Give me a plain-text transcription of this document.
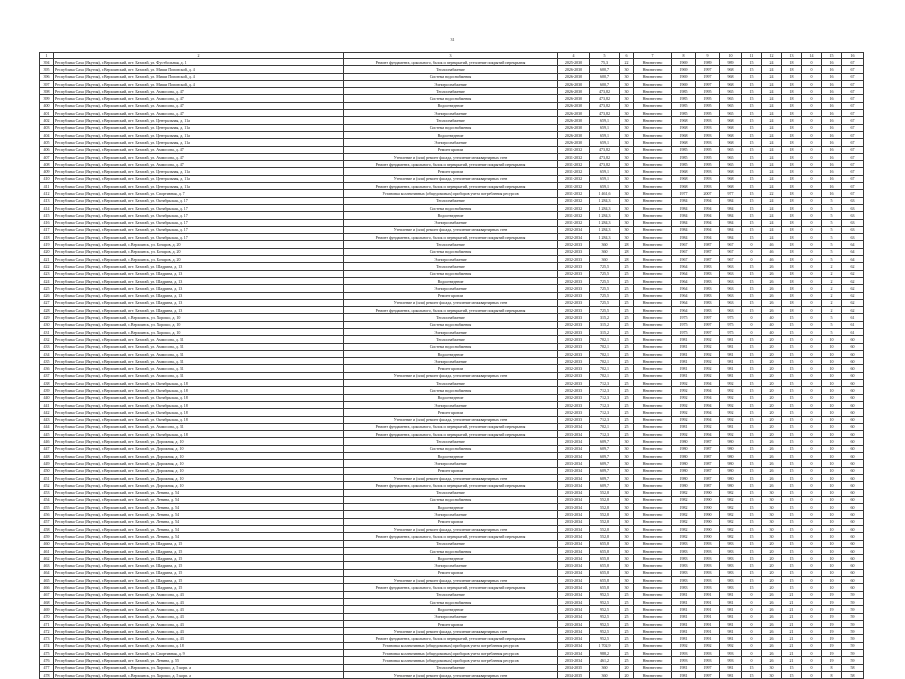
31
1	2	3	4	5	6	7	8	9	10	11	12	13	14	15	16
394	Республика Саха (Якутия), г.Верхоянский, пгт. Батагай, ул. Фустбольная, д. 1	Ремонт фундамента, цокольного, балок и перекрытий, утепление покрытий перекрытия	2025-2030	75,3	22	Неизвестно	1969	1989	989	15	24	18	0	16	67
395	Республика Саха (Якутия), г.Верхоянский, пгт. Батагай, ул. Миши Поповской, д. 4	Теплоснабжение	2026-2030	600,7	30	Неизвестно	1969	1997	968	15	24	18	0	16	67
396	Республика Саха (Якутия), г.Верхоянский, пгт. Батагай, ул. Миши Поповской, д. 4	Система водоснабжения	2026-2030	600,7	30	Неизвестно	1969	1997	968	15	24	18	0	16	67
397	Республика Саха (Якутия), г.Верхоянский, пгт. Батагай, ул. Миши Поповской, д. 4	Электроснабжение	2026-2030	600,7	30	Неизвестно	1969	1997	968	15	24	18	0	16	67
398	Республика Саха (Якутия), г.Верхоянский, пгт. Батагай, ул. Аммосова, д. 47	Теплоснабжение	2026-2030	473,82	30	Неизвестно	1985	1995	965	15	24	18	0	16	67
399	Республика Саха (Якутия), г.Верхоянский, пгт. Батагай, ул. Аммосова, д. 47	Система водоснабжения	2026-2030	473,82	30	Неизвестно	1985	1995	965	15	24	18	0	16	67
400	Республика Саха (Якутия), г.Верхоянский, пгт. Батагай, ул. Аммосова, д. 47	Водоотведение	2026-2030	473,82	30	Неизвестно	1985	1995	965	15	24	18	0	16	67
401	Республика Саха (Якутия), г.Верхоянский, пгт. Батагай, ул. Аммосова, д. 47	Электроснабжение	2026-2030	473,82	30	Неизвестно	1985	1995	965	15	24	18	0	16	67
402	Республика Саха (Якутия), г.Верхоянский, пгт. Батагай, ул. Центральная, д. 11а	Теплоснабжение	2026-2030	659,1	30	Неизвестно	1968	1993	968	15	24	18	0	16	67
403	Республика Саха (Якутия), г.Верхоянский, пгт. Батагай, ул. Центральная, д. 11а	Система водоснабжения	2026-2030	659,1	30	Неизвестно	1968	1993	968	15	24	18	0	16	67
404	Республика Саха (Якутия), г.Верхоянский, пгт. Батагай, ул. Центральная, д. 11а	Водоотведение	2026-2030	659,1	30	Неизвестно	1968	1993	968	15	24	18	0	16	67
405	Республика Саха (Якутия), г.Верхоянский, пгт. Батагай, ул. Центральная, д. 11а	Электроснабжение	2026-2030	659,1	30	Неизвестно	1968	1993	968	15	24	18	0	16	67
406	Республика Саха (Якутия), г.Верхоянский, пгт. Батагай, ул. Аммосова, д. 47	Ремонт кровли	2031-2032	473,82	30	Неизвестно	1985	1995	965	15	24	18	0	16	67
407	Республика Саха (Якутия), г.Верхоянский, пгт. Батагай, ул. Аммосова, д. 47	Утепление и (или) ремонт фасада, утепление межквартирных стен	2031-2032	473,82	30	Неизвестно	1985	1995	965	15	24	18	0	16	67
408	Республика Саха (Якутия), г.Верхоянский, пгт. Батагай, ул. Аммосова, д. 47	Ремонт фундамента, цокольного, балок и перекрытий, утепление покрытий перекрытия	2031-2032	473,82	30	Неизвестно	1985	1995	965	15	24	18	0	16	67
409	Республика Саха (Якутия), г.Верхоянский, пгт. Батагай, ул. Центральная, д. 11а	Ремонт кровли	2031-2032	659,1	30	Неизвестно	1968	1993	968	15	24	18	0	16	67
410	Республика Саха (Якутия), г.Верхоянский, пгт. Батагай, ул. Центральная, д. 11а	Утепление и (или) ремонт фасада, утепление межквартирных стен	2031-2032	659,1	30	Неизвестно	1968	1993	968	15	24	18	0	16	67
411	Республика Саха (Якутия), г.Верхоянский, пгт. Батагай, ул. Центральная, д. 11а	Ремонт фундамента, цокольного, балок и перекрытий, утепление покрытий перекрытия	2031-2032	659,1	30	Неизвестно	1968	1993	968	15	24	18	0	16	67
412	Республика Саха (Якутия), г.Верхоянский, пгт. Батагай, ул. Спортивная, д. 7	Установка коллективных (общедомовых) приборов учета потребления ресурсов	2031-2032	1 461,6	30	Неизвестно	1977	2007	977	15	22	18	0	16	67
413	Республика Саха (Якутия), г.Верхоянский, пгт. Батагай, ул. Октябрьская, д. 17	Теплоснабжение	2031-2032	1 284,3	30	Неизвестно	1984	1994	984	15	24	18	0	5	63
414	Республика Саха (Якутия), г.Верхоянский, пгт. Батагай, ул. Октябрьская, д. 17	Система водоснабжения	2031-2032	1 284,3	30	Неизвестно	1984	1994	984	15	24	18	0	5	63
415	Республика Саха (Якутия), г.Верхоянский, пгт. Батагай, ул. Октябрьская, д. 17	Водоотведение	2031-2032	1 284,3	30	Неизвестно	1984	1994	984	15	24	18	0	5	63
416	Республика Саха (Якутия), г.Верхоянский, пгт. Батагай, ул. Октябрьская, д. 17	Электроснабжение	2031-2032	1 284,3	30	Неизвестно	1984	1994	984	15	24	18	0	5	63
417	Республика Саха (Якутия), г.Верхоянский, пгт. Батагай, ул. Октябрьская, д. 17	Утепление и (или) ремонт фасада, утепление межквартирных стен	2032-2034	1 284,3	30	Неизвестно	1984	1994	984	15	24	18	0	5	63
418	Республика Саха (Якутия), г.Верхоянский, пгт. Батагай, ул. Октябрьская, д. 17	Ремонт фундамента, цокольного, балок и перекрытий, утепление покрытий перекрытия	2032-2034	1 284,3	30	Неизвестно	1984	1994	984	15	24	18	0	5	63
419	Республика Саха (Якутия), г.Верхоянский, с.Верхоянск, ул. Бочаров, д. 20	Теплоснабжение	2032-2033	360	28	Неизвестно	1967	1987	967	0	46	18	0	5	64
420	Республика Саха (Якутия), г.Верхоянский, с.Верхоянск, ул. Бочаров, д. 20	Система водоснабжения	2032-2033	360	28	Неизвестно	1967	1987	967	0	46	18	0	5	64
421	Республика Саха (Якутия), г.Верхоянский, с.Верхоянск, ул. Бочаров, д. 20	Электроснабжение	2032-2033	360	28	Неизвестно	1967	1987	967	0	46	18	0	5	64
422	Республика Саха (Якутия), г.Верхоянский, пгт. Батагай, ул. Шадрина, д. 13	Теплоснабжение	2032-2033	725,5	25	Неизвестно	1964	1983	963	15	26	18	0	2	62
423	Республика Саха (Якутия), г.Верхоянский, пгт. Батагай, ул. Шадрина, д. 13	Система водоснабжения	2032-2033	725,5	25	Неизвестно	1964	1983	963	15	26	18	0	2	62
424	Республика Саха (Якутия), г.Верхоянский, пгт. Батагай, ул. Шадрина, д. 13	Водоотведение	2032-2033	725,5	25	Неизвестно	1964	1983	963	15	26	18	0	2	62
425	Республика Саха (Якутия), г.Верхоянский, пгт. Батагай, ул. Шадрина, д. 13	Электроснабжение	2032-2033	725,5	25	Неизвестно	1964	1983	963	15	26	18	0	2	62
426	Республика Саха (Якутия), г.Верхоянский, пгт. Батагай, ул. Шадрина, д. 13	Ремонт кровли	2032-2033	725,5	25	Неизвестно	1964	1983	963	15	26	18	0	2	62
427	Республика Саха (Якутия), г.Верхоянский, пгт. Батагай, ул. Шадрина, д. 13	Утепление и (или) ремонт фасада, утепление межквартирных стен	2032-2033	725,5	25	Неизвестно	1964	1983	963	15	26	18	0	2	62
428	Республика Саха (Якутия), г.Верхоянский, пгт. Батагай, ул. Шадрина, д. 13	Ремонт фундамента, цокольного, балок и перекрытий, утепление покрытий перекрытия	2032-2033	725,5	25	Неизвестно	1964	1983	963	15	26	18	0	2	62
429	Республика Саха (Якутия), г.Верхоянский, с.Верхоянск, ул. Хорошо, д. 10	Теплоснабжение	2032-2033	315,2	25	Неизвестно	1975	1997	975	0	40	15	0	5	61
430	Республика Саха (Якутия), г.Верхоянский, с.Верхоянск, ул. Хорошо, д. 10	Система водоснабжения	2032-2033	315,2	25	Неизвестно	1975	1997	975	0	40	15	0	5	61
431	Республика Саха (Якутия), г.Верхоянский, с.Верхоянск, ул. Хорошо, д. 10	Электроснабжение	2032-2033	315,2	25	Неизвестно	1975	1997	975	0	40	15	0	5	61
432	Республика Саха (Якутия), г.Верхоянский, пгт. Батагай, ул. Аммосова, д. 31	Теплоснабжение	2032-2033	702,1	25	Неизвестно	1981	1992	981	15	20	15	0	10	60
433	Республика Саха (Якутия), г.Верхоянский, пгт. Батагай, ул. Аммосова, д. 31	Система водоснабжения	2032-2033	702,1	25	Неизвестно	1981	1992	981	15	20	15	0	10	60
434	Республика Саха (Якутия), г.Верхоянский, пгт. Батагай, ул. Аммосова, д. 31	Водоотведение	2032-2033	702,1	25	Неизвестно	1981	1992	981	15	20	15	0	10	60
435	Республика Саха (Якутия), г.Верхоянский, пгт. Батагай, ул. Аммосова, д. 31	Электроснабжение	2032-2033	702,1	25	Неизвестно	1981	1992	981	15	20	15	0	10	60
436	Республика Саха (Якутия), г.Верхоянский, пгт. Батагай, ул. Аммосова, д. 31	Ремонт кровли	2032-2033	702,1	25	Неизвестно	1981	1992	981	15	20	15	0	10	60
437	Республика Саха (Якутия), г.Верхоянский, пгт. Батагай, ул. Аммосова, д. 31	Утепление и (или) ремонт фасада, утепление межквартирных стен	2032-2033	702,1	25	Неизвестно	1981	1992	981	15	20	15	0	10	60
438	Республика Саха (Якутия), г.Верхоянский, пгт. Батагай, ул. Октябрьская, д. 18	Теплоснабжение	2032-2033	712,3	25	Неизвестно	1992	1994	992	15	20	15	0	10	60
439	Республика Саха (Якутия), г.Верхоянский, пгт. Батагай, ул. Октябрьская, д. 18	Система водоснабжения	2032-2033	712,3	25	Неизвестно	1992	1994	992	15	20	15	0	10	60
440	Республика Саха (Якутия), г.Верхоянский, пгт. Батагай, ул. Октябрьская, д. 18	Водоотведение	2032-2033	712,3	25	Неизвестно	1992	1994	992	15	20	15	0	10	60
441	Республика Саха (Якутия), г.Верхоянский, пгт. Батагай, ул. Октябрьская, д. 18	Электроснабжение	2032-2033	712,3	25	Неизвестно	1992	1994	992	15	20	15	0	10	60
442	Республика Саха (Якутия), г.Верхоянский, пгт. Батагай, ул. Октябрьская, д. 18	Ремонт кровли	2032-2033	712,3	25	Неизвестно	1992	1994	992	15	20	15	0	10	60
443	Республика Саха (Якутия), г.Верхоянский, пгт. Батагай, ул. Октябрьская, д. 18	Утепление и (или) ремонт фасада, утепление межквартирных стен	2032-2033	712,3	25	Неизвестно	1992	1994	992	15	20	15	0	10	60
444	Республика Саха (Якутия), г.Верхоянский, пгт. Батагай, ул. Аммосова, д. 31	Ремонт фундамента, цокольного, балок и перекрытий, утепление покрытий перекрытия	2033-2034	702,1	25	Неизвестно	1981	1992	981	15	20	15	0	10	60
445	Республика Саха (Якутия), г.Верхоянский, пгт. Батагай, ул. Октябрьская, д. 18	Ремонт фундамента, цокольного, балок и перекрытий, утепление покрытий перекрытия	2033-2034	712,3	25	Неизвестно	1992	1994	992	15	20	15	0	10	60
446	Республика Саха (Якутия), г.Верхоянский, пгт. Батагай, ул. Дорожная, д. 10	Теплоснабжение	2033-2034	609,7	30	Неизвестно	1980	1987	980	15	26	15	0	10	60
447	Республика Саха (Якутия), г.Верхоянский, пгт. Батагай, ул. Дорожная, д. 10	Система водоснабжения	2033-2034	609,7	30	Неизвестно	1980	1987	980	15	26	15	0	10	60
448	Республика Саха (Якутия), г.Верхоянский, пгт. Батагай, ул. Дорожная, д. 10	Водоотведение	2033-2034	609,7	30	Неизвестно	1980	1987	980	15	26	15	0	10	60
449	Республика Саха (Якутия), г.Верхоянский, пгт. Батагай, ул. Дорожная, д. 10	Электроснабжение	2033-2034	609,7	30	Неизвестно	1980	1987	980	15	26	15	0	10	60
450	Республика Саха (Якутия), г.Верхоянский, пгт. Батагай, ул. Дорожная, д. 10	Ремонт кровли	2033-2034	609,7	30	Неизвестно	1980	1987	980	15	26	15	0	10	60
451	Республика Саха (Якутия), г.Верхоянский, пгт. Батагай, ул. Дорожная, д. 10	Утепление и (или) ремонт фасада, утепление межквартирных стен	2033-2034	609,7	30	Неизвестно	1980	1987	980	15	26	15	0	10	60
452	Республика Саха (Якутия), г.Верхоянский, пгт. Батагай, ул. Дорожная, д. 10	Ремонт фундамента, цокольного, балок и перекрытий, утепление покрытий перекрытия	2033-2034	609,7	30	Неизвестно	1980	1987	980	15	26	15	0	10	60
453	Республика Саха (Якутия), г.Верхоянский, пгт. Батагай, ул. Ленина, д. 54	Теплоснабжение	2033-2034	552,8	30	Неизвестно	1982	1990	982	15	30	15	0	10	60
454	Республика Саха (Якутия), г.Верхоянский, пгт. Батагай, ул. Ленина, д. 54	Система водоснабжения	2033-2034	552,8	30	Неизвестно	1982	1990	982	15	30	15	0	10	60
455	Республика Саха (Якутия), г.Верхоянский, пгт. Батагай, ул. Ленина, д. 54	Водоотведение	2033-2034	552,8	30	Неизвестно	1982	1990	982	15	30	15	0	10	60
456	Республика Саха (Якутия), г.Верхоянский, пгт. Батагай, ул. Ленина, д. 54	Электроснабжение	2033-2034	552,8	30	Неизвестно	1982	1990	982	15	30	15	0	10	60
457	Республика Саха (Якутия), г.Верхоянский, пгт. Батагай, ул. Ленина, д. 54	Ремонт кровли	2033-2034	552,8	30	Неизвестно	1982	1990	982	15	30	15	0	10	60
458	Республика Саха (Якутия), г.Верхоянский, пгт. Батагай, ул. Ленина, д. 54	Утепление и (или) ремонт фасада, утепление межквартирных стен	2033-2034	552,8	30	Неизвестно	1982	1990	982	15	30	15	0	10	60
459	Республика Саха (Якутия), г.Верхоянский, пгт. Батагай, ул. Ленина, д. 54	Ремонт фундамента, цокольного, балок и перекрытий, утепление покрытий перекрытия	2033-2034	552,8	30	Неизвестно	1982	1990	982	15	30	15	0	10	60
460	Республика Саха (Якутия), г.Верхоянский, пгт. Батагай, ул. Шадрина, д. 15	Теплоснабжение	2033-2034	655,8	30	Неизвестно	1983	1993	983	15	20	15	0	10	60
461	Республика Саха (Якутия), г.Верхоянский, пгт. Батагай, ул. Шадрина, д. 15	Система водоснабжения	2033-2034	655,8	30	Неизвестно	1983	1993	983	15	20	15	0	10	60
462	Республика Саха (Якутия), г.Верхоянский, пгт. Батагай, ул. Шадрина, д. 15	Водоотведение	2033-2034	655,8	30	Неизвестно	1983	1993	983	15	20	15	0	10	60
463	Республика Саха (Якутия), г.Верхоянский, пгт. Батагай, ул. Шадрина, д. 15	Электроснабжение	2033-2034	655,8	30	Неизвестно	1983	1993	983	15	20	15	0	10	60
464	Республика Саха (Якутия), г.Верхоянский, пгт. Батагай, ул. Шадрина, д. 15	Ремонт кровли	2033-2034	655,8	30	Неизвестно	1983	1993	983	15	20	15	0	10	60
465	Республика Саха (Якутия), г.Верхоянский, пгт. Батагай, ул. Шадрина, д. 15	Утепление и (или) ремонт фасада, утепление межквартирных стен	2033-2034	655,8	30	Неизвестно	1983	1993	983	15	20	15	0	10	60
466	Республика Саха (Якутия), г.Верхоянский, пгт. Батагай, ул. Шадрина, д. 15	Ремонт фундамента, цокольного, балок и перекрытий, утепление покрытий перекрытия	2033-2034	655,8	30	Неизвестно	1983	1993	983	15	20	15	0	10	60
467	Республика Саха (Якутия), г.Верхоянский, пгт. Батагай, ул. Аммосова, д. 43	Теплоснабжение	2033-2034	952,5	25	Неизвестно	1981	1991	981	0	26	21	0	19	59
468	Республика Саха (Якутия), г.Верхоянский, пгт. Батагай, ул. Аммосова, д. 43	Система водоснабжения	2033-2034	952,5	25	Неизвестно	1981	1991	981	0	26	21	0	19	59
469	Республика Саха (Якутия), г.Верхоянский, пгт. Батагай, ул. Аммосова, д. 43	Водоотведение	2033-2034	952,5	25	Неизвестно	1981	1991	981	0	26	21	0	19	59
470	Республика Саха (Якутия), г.Верхоянский, пгт. Батагай, ул. Аммосова, д. 43	Электроснабжение	2033-2034	952,5	25	Неизвестно	1981	1991	981	0	26	21	0	19	59
471	Республика Саха (Якутия), г.Верхоянский, пгт. Батагай, ул. Аммосова, д. 43	Ремонт кровли	2033-2034	952,5	25	Неизвестно	1981	1991	981	0	26	21	0	19	59
472	Республика Саха (Якутия), г.Верхоянский, пгт. Батагай, ул. Аммосова, д. 43	Утепление и (или) ремонт фасада, утепление межквартирных стен	2033-2034	952,5	25	Неизвестно	1981	1991	981	0	26	21	0	19	59
473	Республика Саха (Якутия), г.Верхоянский, пгт. Батагай, ул. Аммосова, д. 43	Ремонт фундамента, цокольного, балок и перекрытий, утепление покрытий перекрытия	2033-2034	952,5	25	Неизвестно	1981	1991	981	0	26	21	0	19	59
474	Республика Саха (Якутия), г.Верхоянский, пгт. Батагай, ул. Аммосова, д. 18	Установка коллективных (общедомовых) приборов учета потребления ресурсов	2033-2034	1 702,9	25	Неизвестно	1992	1992	992	0	26	21	0	19	59
475	Республика Саха (Якутия), г.Верхоянский, пгт. Батагай, ул. Спортивная, д. 9	Установка коллективных (общедомовых) приборов учета потребления ресурсов	2033-2034	988,2	25	Неизвестно	1993	1993	993	0	26	21	0	19	59
476	Республика Саха (Якутия), г.Верхоянский, пгт. Батагай, ул. Ленина, д. 55	Установка коллективных (общедомовых) приборов учета потребления ресурсов	2033-2034	461,2	25	Неизвестно	1993	1993	993	0	26	21	0	19	59
477	Республика Саха (Якутия), г.Верхоянский, с.Верхоянск, ул. Хорошо, д. 5 корп. а	Теплоснабжение	2034-2035	360	20	Неизвестно	1981	1997	981	15	30	15	0	8	58
478	Республика Саха (Якутия), г.Верхоянский, с.Верхоянск, ул. Хорошо, д. 5 корп. а	Утепление и (или) ремонт фасада, утепление межквартирных стен	2034-2035	360	20	Неизвестно	1981	1997	981	15	30	15	0	8	58
